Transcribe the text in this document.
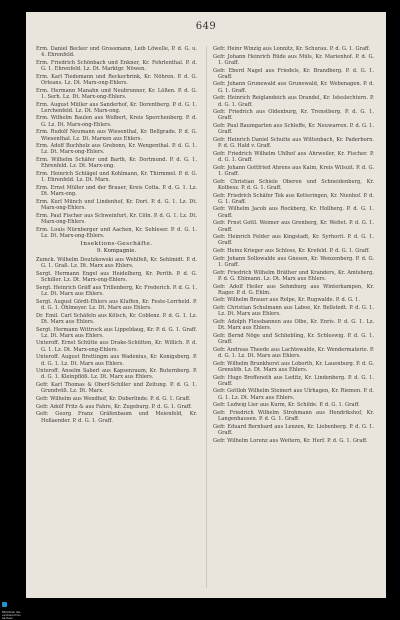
649
Erm. Daniel Becker und Grossmann, Leib Löwelle, P. d. G. u. 4. Ehrenfeld.
Erm. Friedrich Schönbach und Enkner, Kr. Fehrlenthal. P. d. G. 1. Ehrenfeld. Lz. Dt. Marktgr. Nöwen.
Erm. Karl Tiedemann und Reckerbrink, Kr. Nöhren. P. d. G. Orleans. Lz. Dt. Marx-ong-Ehlers.
Erm. Hermann Manahn und Neubrunner, Kr. Lößen. P. d. G. 1. Serh. Lz. Dt. Marx-ong-Ehlers.
Erm. August Müller aus Sanderhof, Kr. Dorentberg. P. d. G. 1. Lerchenfeld. Lz. Dt. Marx-ong.
Erm. Wilhelm Baulen aus Wolbert, Kreis Sperchenberg. P. d. G. Lz. Dt. Marx-ong-Ehlers.
Erm. Rudolf Neumann aus Wiesenthal, Kr. Bellgrade. P. d. G. Wiesenthal. Lz. Dt. Marxen aus Ehlers.
Erm. Adolf Buchholz aus Grebonn, Kr. Wengenthal. P. d. G. 1. Lz. Dt. Marx-ong-Ehlers.
Erm. Wilhelm Schäfer und Barth, Kr. Dortmund. P. d. G. 1. Ehrenfeld. Lz. Dt. Marx-ong.
Erm. Heinrich Schlägel und Kohlmann, Kr. Thirmmel. P. d. G. 1. Ehrenfeld. Lz. Dt. Marx.
Erm. Ernst Müller und der Brauer, Kreis Cotta. P. d. G. 1. Lz. Dt. Marx-ong.
Erm. Kurl Münch und Lindenhof, Kr. Dort. P. d. G. 1. Lz. Dt. Marx-ong-Ehlers.
Erm. Paul Fischer aus Schweinfurt, Kr. Cöln. P. d. G. 1. Lz. Dt. Marx-ong-Ehlers.
Erm. Louis Nürnberger und Aachen, Kr. Sehleser. P. d. G. 1. Lz. Dt. Marx-ong-Ehlers.
Insektions-Geschäfte.
9. Kompagnie.
Zumck. Wilhelm Deutzkowski aus Wehlfeß, Kr. Sehlmidt. P. d. G. 1. Graß. Lz. Dt. Marx aus Ehlers.
Sergt. Hermann Engel aus Heidelberg, Kr. Perith. P. d. G. Schiller. Lz. Dt. Marx-ong-Ehlers.
Sergt. Heinrich Gräff aus Trillenberg, Kr. Frederich. P. d. G. 1. Lz. Dt. Marx aus Ehlers.
Sergt. August Gördt-Ehlers aus Kluffen, Kr. Feste-Lorrheld. P. d. G. 1. Öhlmeyer. Lz. Dt. Marx aus Ehlers.
Dr. Emil. Carl Schäfeln aus Kölsch, Kr. Coblenz. P. d. G. 1. Lz. Dt. Marx aus Ehlers.
Sergt. Hermann Wittrock aus Lippeldaug, Kr. P. d. G. 1. Graff. Lz. Dt. Marx aus Ehlers.
Unteroff. Ernst Schütte aus Drake-Schütten, Kr. Willich. P. d. G. 1. Lz. Dt. Marx-ong-Ehlers.
Unteroff. August Brettingm aus Wadenius, Kr. Konigsberg. P. d. G. 1. Lz. Dt. Marx aus Ehlers.
Unteroff. Anselm Saberl aus Kapsenraum, Kr. Buternberg. P. d. G. 1. Kleinpflöß. Lz. Dt. Marx aus Ehlers.
Gefr. Karl Thomas & Oberf-Schiller und Zeitung. P. d. G. 1. Grundvöß. Lz. Dt. Marx.
Gefr. Wilhelm aus Wendhof, Kr. Duberlinde. P. d. G. 1. Graff.
Gefr. Adolf Fritz & aus Fahre, Kr. Zugeburg. P. d. G. 1. Graff.
Gefr. Georg Franz Gräfenbaum und Meienfeld, Kr. Hollaender. P. d. G. 1. Graff.
Gefr. Heinr Winzig aus Lonnitz, Kr. Schurau. P. d. G. 1. Graff.
Gefr. Johann Heinrich Rüde aus Müls, Kr. Marienhof. P. d. G. 1. Graff.
Gefr. Eberd Nagel aus Friedels, Kr. Brandberg. P. d. G. 1. Graff.
Gefr. Johann Grunewald aus Grunewald, Kr. Webenagen. P. d. G. 1. Graff.
Gefr. Heinrich Reiglandeich aus Drandel, Kr. Isteslechtern. P. d. G. 1. Graff.
Gefr. Friedrich aus Oldenburg, Kr. Trenstberg. P. d. G. 1. Graff.
Gefr. Paul Baumgarten aus Schleffe, Kr. Neuwarren. P. d. G. 1. Graff.
Gefr. Heinrich Daniel Schutte aus Wittenbach, Kr. Paderborn. P. d. G. Hald v. Graff.
Gefr. Friedrich Wilhelm Uhlhof aus Ahrweiler, Kr. Fischer. P. d. G. 1. Graff.
Gefr. Johann Gottfried Ahrens aus Kalm, Kreis Wilsuit. P. d. G. 1. Graff.
Gefr. Christian Schiele Oberen und Schneidenberg, Kr. Kolbesz. P. d. G. 1. Graff.
Gefr. Friedrich Schäfer Tek aus Ketteringen, Kr. Nienhof. P. d. G. 1. Graff.
Gefr. Wilhelm Jacob aus Rockberg, Kr. Hollberg. P. d. G. 1. Graff.
Gefr. Frnst Gottl. Weimer aus Grenberg, Kr. Wefiet. P. d. G. 1. Graff.
Gefr. Heinrich Felder aus Kingstadt, Kr. Syrhorit. P. d. G. 1. Graff.
Gefr. Heinz Krieger aus Schloss, Kr. Krefeld. P. d. G. 1. Graff.
Gefr. Johann Sollowalde aus Gnesen, Kr. Wenzenberg. P. d. G. 1. Graff.
Gefr. Friedrich Wilhelm Bräther und Kranders, Kr. Amtsberg. P. d. G. Ehlmann. Lz. Dt. Marx aus Ehlers.
Gefr. Adolf Heiler aus Sehmburg aus Winterkampen, Kr. Rager. P. d. G. Ehlm.
Gefr. Wilhelm Brauer aus Rolpe, Kr. Rugwalde. P. d. G. 1.
Gefr. Christian Schulmann aus Laboe, Kr. Bellstedt. P. d. G. 1. Lz. Dt. Marx aus Ehlers.
Gefr. Adolph Flessbannen aus Olbe, Kr. Enris. P. d. G. 1. Lz. Dt. Marx aus Ehlers.
Gefr. Bernd Nöge und Schliebling, Kr. Schleswig. P. d. G. 1. Graff.
Gefr. Andreas Theede aus Lachtewalde, Kr. Wendermaterie. P. d. G. 1. Lz. Dt. Marx aus Ehlers.
Gefr. Wilhelm Brunkhorst aus Loborth, Kr. Lauenburg. P. d. G. Grenslöb. Lz. Dt. Marx aus Ehlers.
Gefr. Hugo Breffenoth aus Leditz, Kr. Lindenberg. P. d. G. 1. Graff.
Gefr. Gottlob Wilhelm Steinert aus Ulrhagen, Kr. Riemen. P. d. G. 1. Lz. Dt. Marx aus Ehlers.
Gefr. Ludwig Lier aus Kurm, Kr. Schilde. P. d. G. 1. Graff.
Gefr. Friedrich Wilhelm Strohmann aus Hendrikshof, Kr. Langenhausen. P. d. G. 1. Graff.
Gefr. Eduard Bernhard aus Lenzen, Kr. Liebenberg. P. d. G. 1. Graff.
Gefr. Wilhelm Lorenz aus Weitern, Kr. Herf. P. d. G. 1. Graff.
Bibliothek des
Landesarchivs Sachsen
